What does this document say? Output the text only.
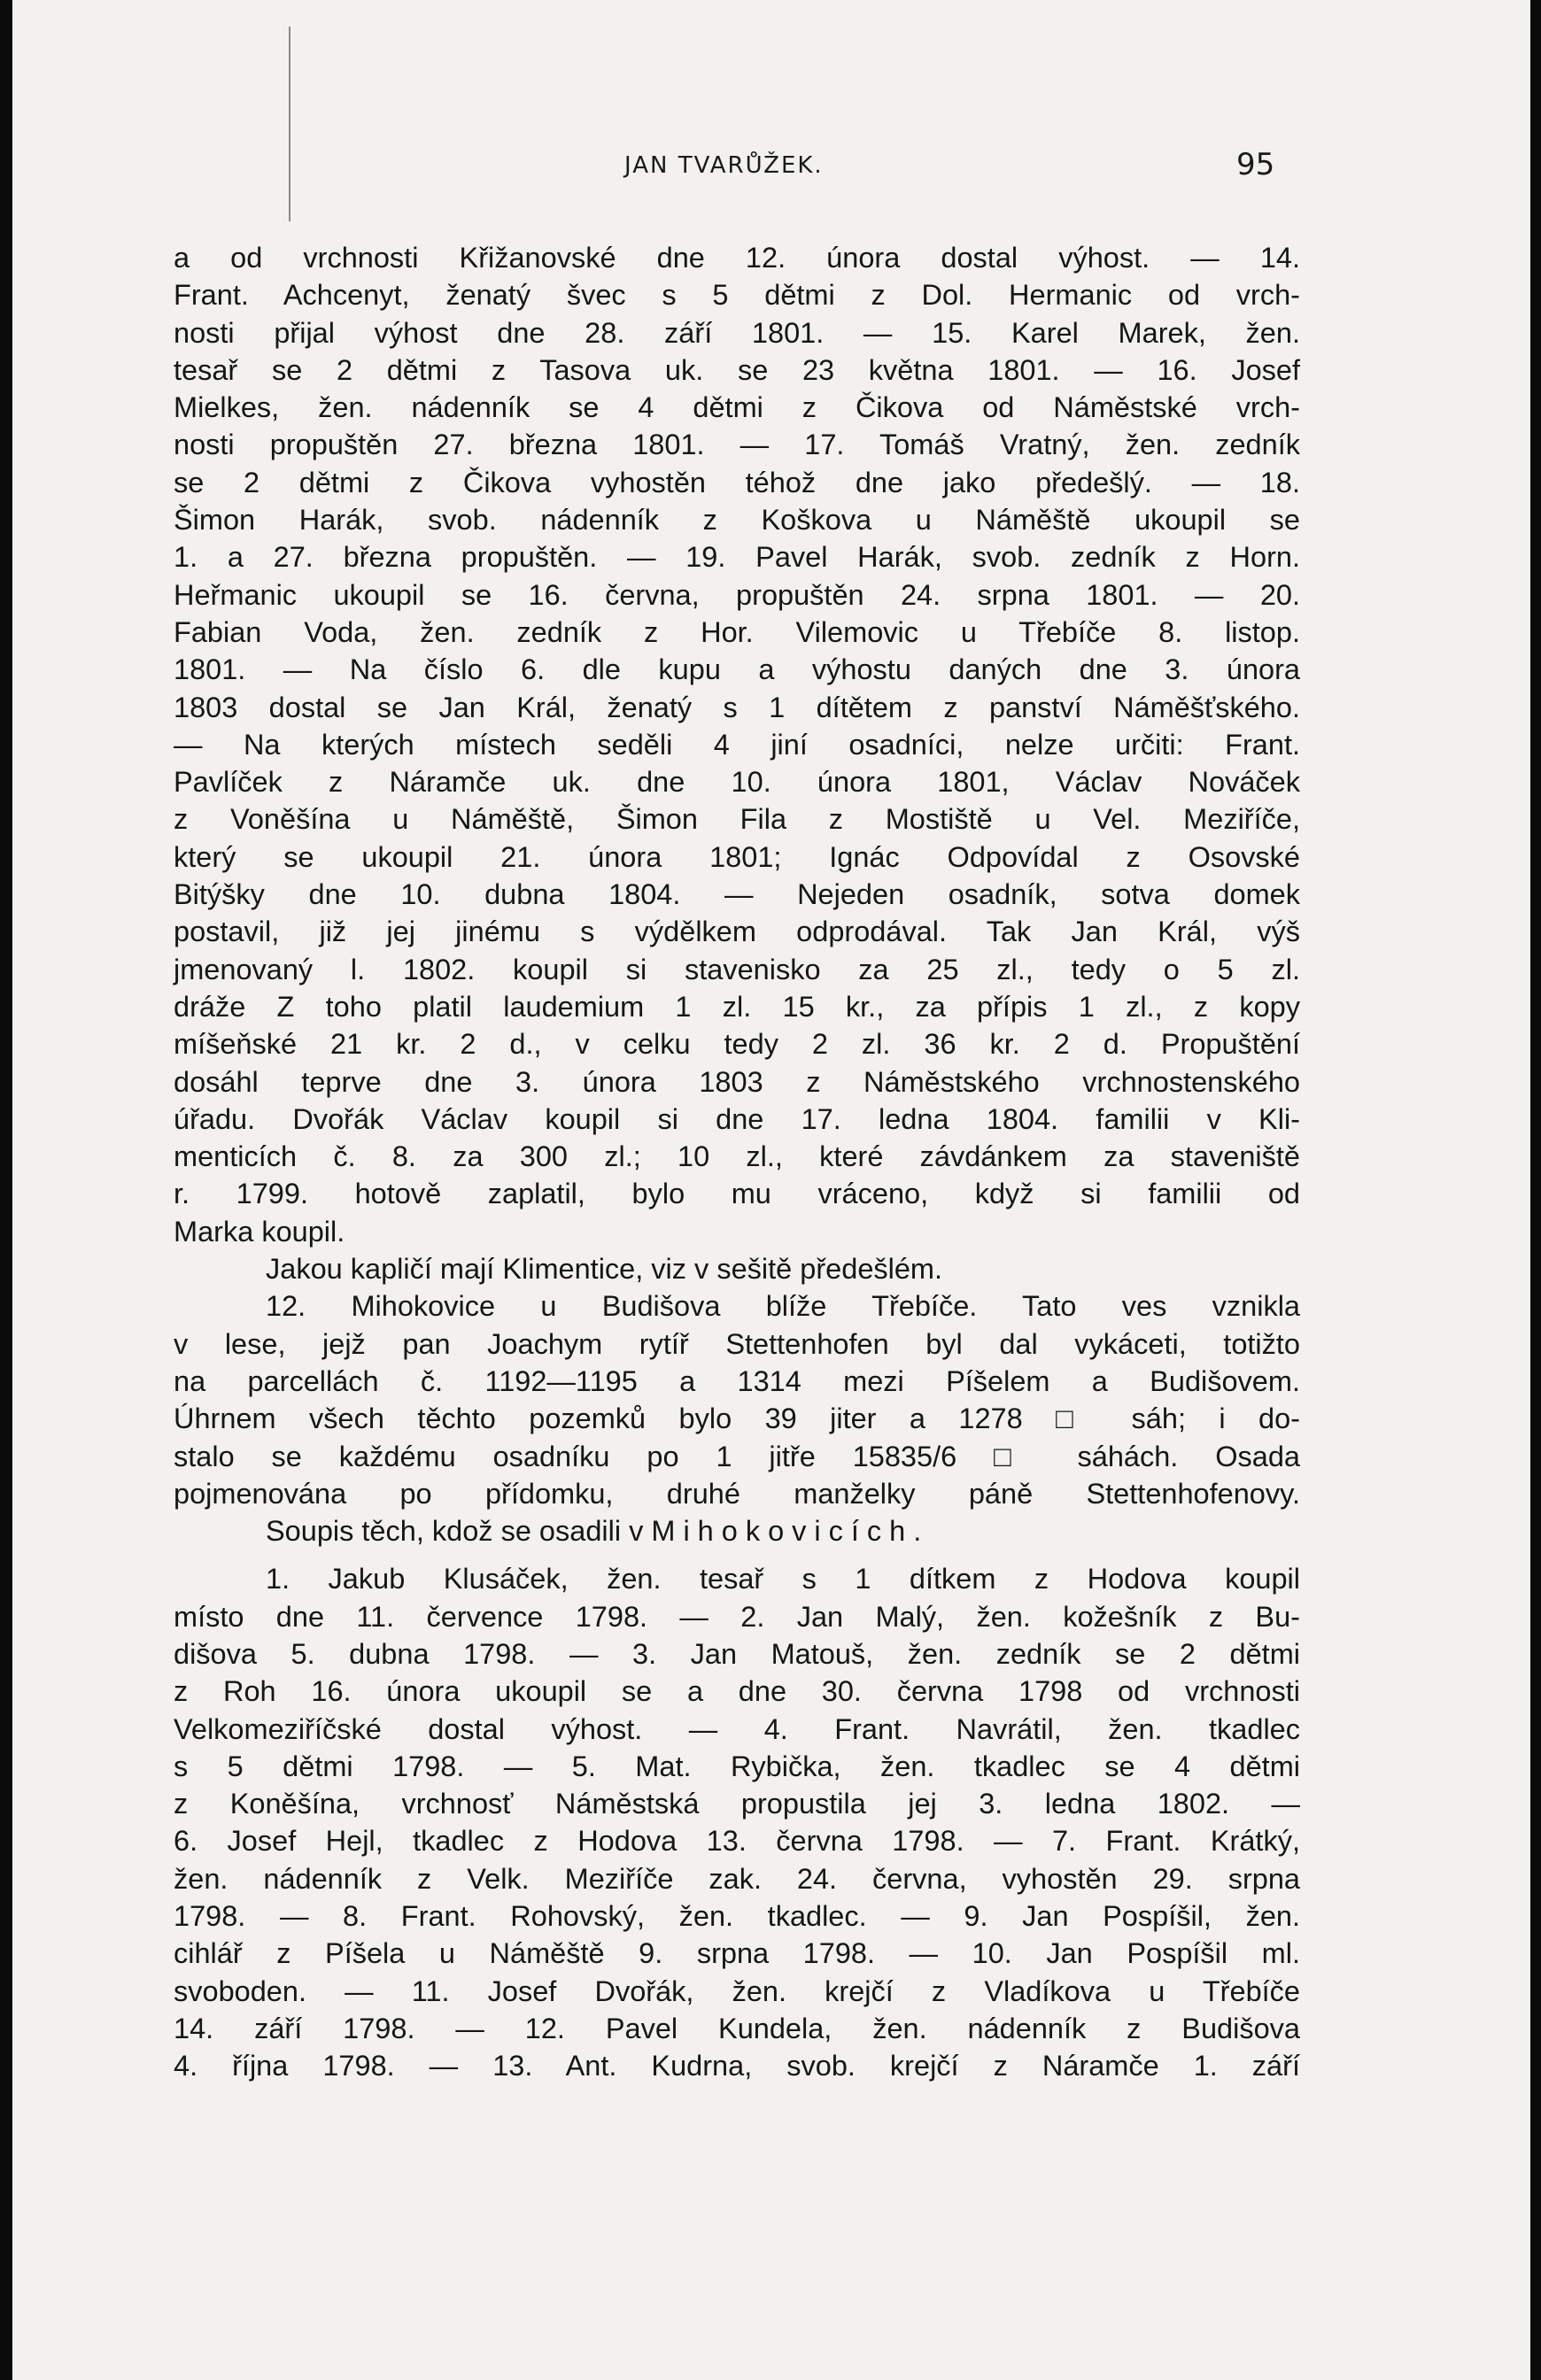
JAN TVARŮŽEK.	95
a od vrchnosti Křižanovské dne 12. února dostal výhost. — 14.
Frant. Achcenyt, ženatý švec s 5 dětmi z Dol. Hermanic od vrch-
nosti přijal výhost dne 28. září 1801. — 15. Karel Marek, žen.
tesař se 2 dětmi z Tasova uk. se 23 května 1801. — 16. Josef
Mielkes, žen. nádenník se 4 dětmi z Čikova od Náměstské vrch-
nosti propuštěn 27. března 1801. — 17. Tomáš Vratný, žen. zedník
se 2 dětmi z Čikova vyhostěn téhož dne jako předešlý. — 18.
Šimon Harák, svob. nádenník z Koškova u Náměště ukoupil se
1. a 27. března propuštěn. — 19. Pavel Harák, svob. zedník z Horn.
Heřmanic ukoupil se 16. června, propuštěn 24. srpna 1801. — 20.
Fabian Voda, žen. zedník z Hor. Vilemovic u Třebíče 8. listop.
1801. — Na číslo 6. dle kupu a výhostu daných dne 3. února
1803 dostal se Jan Král, ženatý s 1 dítětem z panství Náměšťského.
— Na kterých místech seděli 4 jiní osadníci, nelze určiti: Frant.
Pavlíček z Náramče uk. dne 10. února 1801, Václav Nováček
z Voněšína u Náměště, Šimon Fila z Mostiště u Vel. Meziříče,
který se ukoupil 21. února 1801; Ignác Odpovídal z Osovské
Bitýšky dne 10. dubna 1804. — Nejeden osadník, sotva domek
postavil, již jej jinému s výdělkem odprodával. Tak Jan Král, výš
jmenovaný l. 1802. koupil si stavenisko za 25 zl., tedy o 5 zl.
dráže Z toho platil laudemium 1 zl. 15 kr., za přípis 1 zl., z kopy
míšeňské 21 kr. 2 d., v celku tedy 2 zl. 36 kr. 2 d. Propuštění
dosáhl teprve dne 3. února 1803 z Náměstského vrchnostenského
úřadu. Dvořák Václav koupil si dne 17. ledna 1804. familii v Kli-
menticích č. 8. za 300 zl.; 10 zl., které závdánkem za staveniště
r. 1799. hotově zaplatil, bylo mu vráceno, když si familii od
Marka koupil.
Jakou kapličí mají Klimentice, viz v sešitě předešlém.
12. Mihokovice u Budišova blíže Třebíče. Tato ves vznikla
v lese, jejž pan Joachym rytíř Stettenhofen byl dal vykáceti, totižto
na parcellách č. 1192—1195 a 1314 mezi Píšelem a Budišovem.
Úhrnem všech těchto pozemků bylo 39 jiter a 1278 □ sáh; i do-
stalo se každému osadníku po 1 jitře 15835/6 □ sáhách. Osada
pojmenována po přídomku, druhé manželky páně Stettenhofenovy.
Soupis těch, kdož se osadili v Mihokovicích.
1. Jakub Klusáček, žen. tesař s 1 dítkem z Hodova koupil
místo dne 11. července 1798. — 2. Jan Malý, žen. kožešník z Bu-
dišova 5. dubna 1798. — 3. Jan Matouš, žen. zedník se 2 dětmi
z Roh 16. února ukoupil se a dne 30. června 1798 od vrchnosti
Velkomeziříčské dostal výhost. — 4. Frant. Navrátil, žen. tkadlec
s 5 dětmi 1798. — 5. Mat. Rybička, žen. tkadlec se 4 dětmi
z Koněšína, vrchnosť Náměstská propustila jej 3. ledna 1802. —
6. Josef Hejl, tkadlec z Hodova 13. června 1798. — 7. Frant. Krátký,
žen. nádenník z Velk. Meziříče zak. 24. června, vyhostěn 29. srpna
1798. — 8. Frant. Rohovský, žen. tkadlec. — 9. Jan Pospíšil, žen.
cihlář z Píšela u Náměště 9. srpna 1798. — 10. Jan Pospíšil ml.
svoboden. — 11. Josef Dvořák, žen. krejčí z Vladíkova u Třebíče
14. září 1798. — 12. Pavel Kundela, žen. nádenník z Budišova
4. října 1798. — 13. Ant. Kudrna, svob. krejčí z Náramče 1. září
